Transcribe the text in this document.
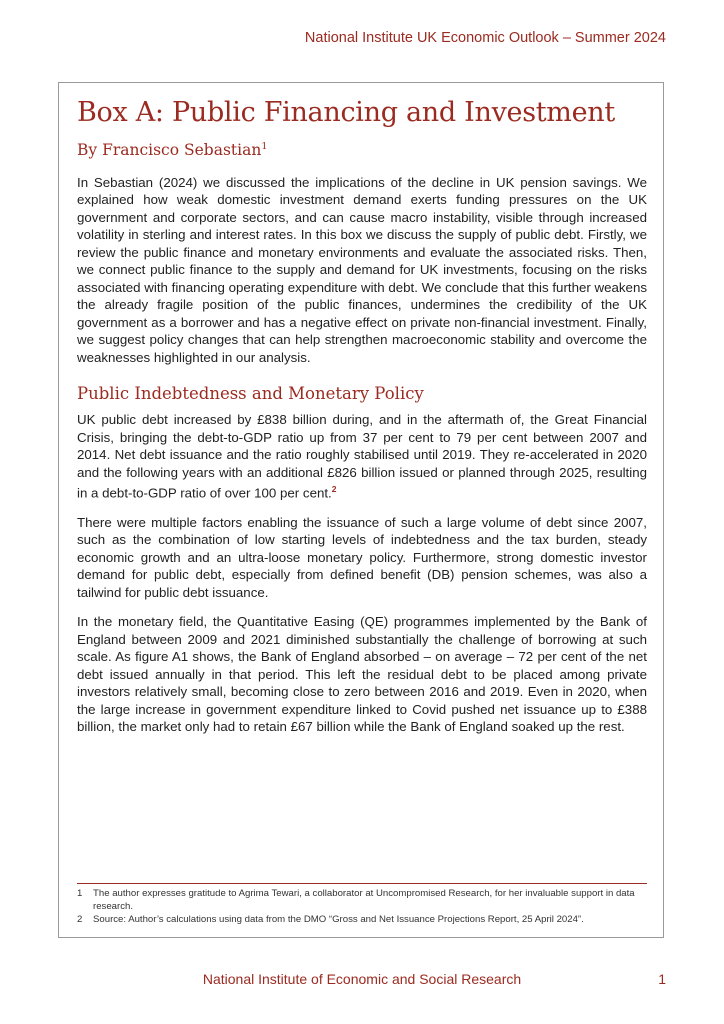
National Institute UK Economic Outlook – Summer 2024
Box A: Public Financing and Investment
By Francisco Sebastian$^1$

In Sebastian (2024) we discussed the implications of the decline in UK pension savings. We explained how weak domestic investment demand exerts funding pressures on the UK government and corporate sectors, and can cause macro instability, visible through increased volatility in sterling and interest rates. In this box we discuss the supply of public debt. Firstly, we review the public finance and monetary environments and evaluate the associated risks. Then, we connect public finance to the supply and demand for UK investments, focusing on the risks associated with financing operating expenditure with debt. We conclude that this further weakens the already fragile position of the public finances, undermines the credibility of the UK government as a borrower and has a negative effect on private non-financial investment. Finally, we suggest policy changes that can help strengthen macroeconomic stability and overcome the weaknesses highlighted in our analysis.

Public Indebtedness and Monetary Policy

UK public debt increased by £838 billion during, and in the aftermath of, the Great Financial Crisis, bringing the debt-to-GDP ratio up from 37 per cent to 79 per cent between 2007 and 2014. Net debt issuance and the ratio roughly stabilised until 2019. They re-accelerated in 2020 and the following years with an additional £826 billion issued or planned through 2025, resulting in a debt-to-GDP ratio of over 100 per cent.$^2$

There were multiple factors enabling the issuance of such a large volume of debt since 2007, such as the combination of low starting levels of indebtedness and the tax burden, steady economic growth and an ultra-loose monetary policy. Furthermore, strong domestic investor demand for public debt, especially from defined benefit (DB) pension schemes, was also a tailwind for public debt issuance.

In the monetary field, the Quantitative Easing (QE) programmes implemented by the Bank of England between 2009 and 2021 diminished substantially the challenge of borrowing at such scale. As figure A1 shows, the Bank of England absorbed – on average – 72 per cent of the net debt issued annually in that period. This left the residual debt to be placed among private investors relatively small, becoming close to zero between 2016 and 2019. Even in 2020, when the large increase in government expenditure linked to Covid pushed net issuance up to £388 billion, the market only had to retain £67 billion while the Bank of England soaked up the rest.

1	The author expresses gratitude to Agrima Tewari, a collaborator at Uncompromised Research, for her invaluable support in data research.
2	Source: Author’s calculations using data from the DMO “Gross and Net Issuance Projections Report, 25 April 2024”.
National Institute of Economic and Social Research	1
